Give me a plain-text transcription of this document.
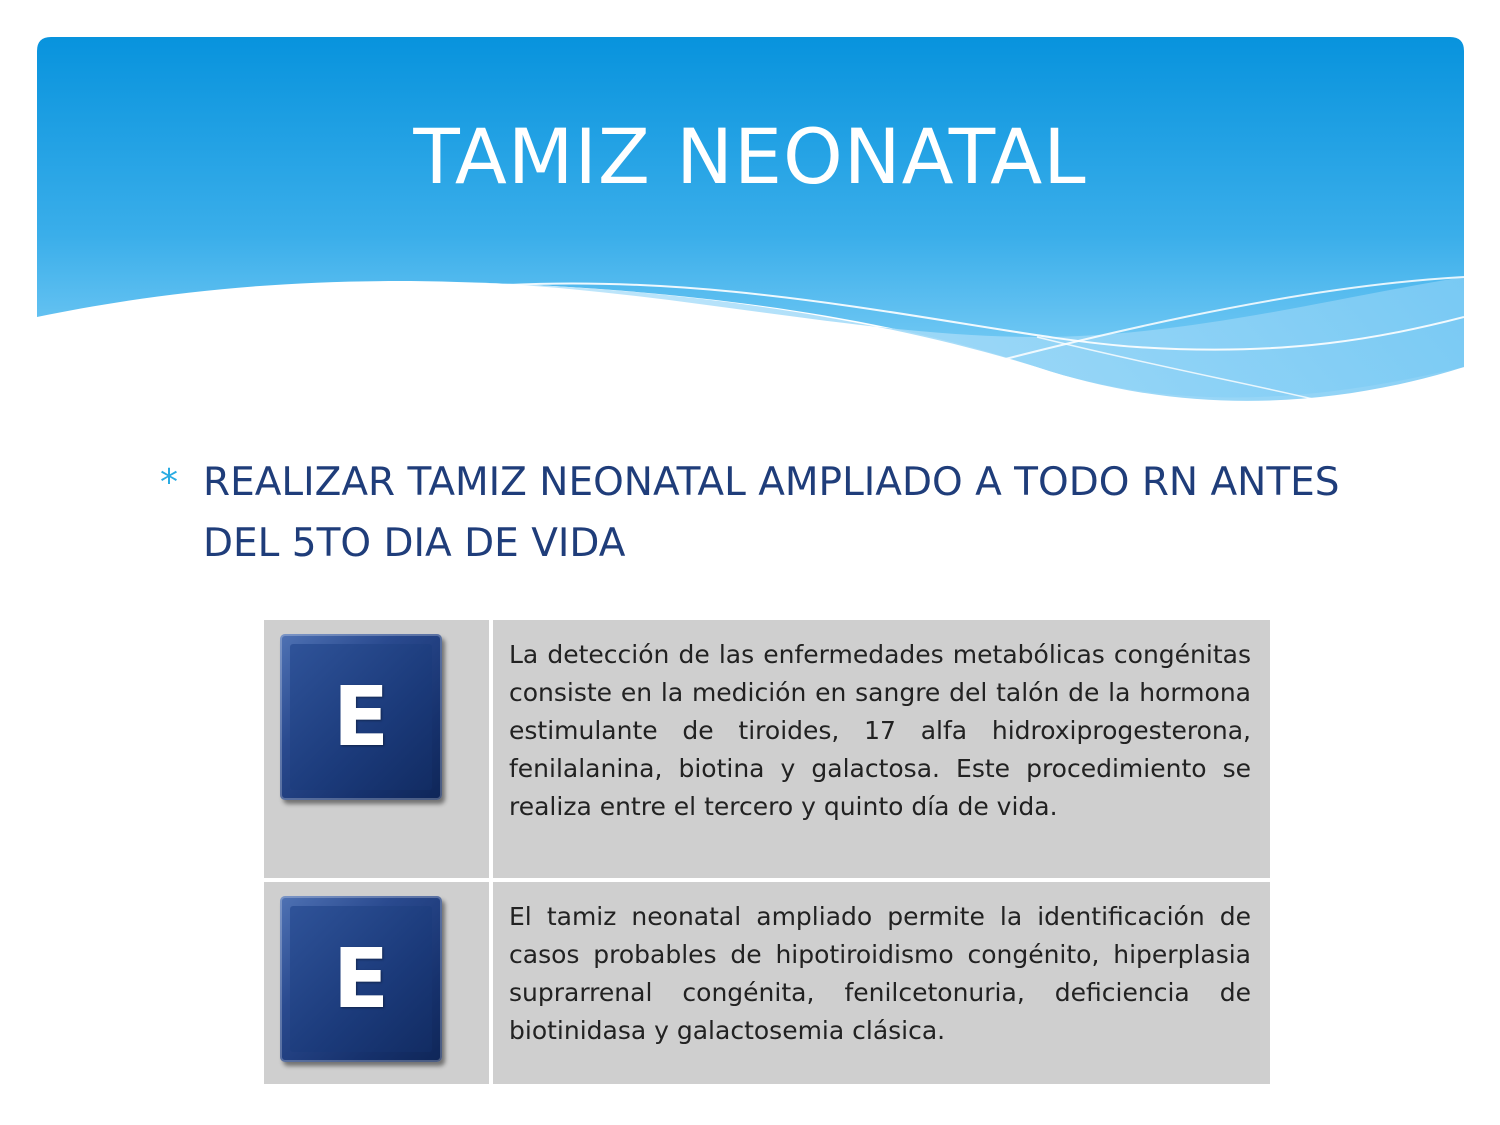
TAMIZ NEONATAL
* REALIZAR TAMIZ NEONATAL AMPLIADO A TODO RN ANTES DEL 5TO DIA DE VIDA
E

La detección de las enfermedades metabólicas congénitas consiste en la medición en sangre del talón de la hormona estimulante de tiroides, 17 alfa hidroxiprogesterona, fenilalanina, biotina y galactosa. Este procedimiento se realiza entre el tercero y quinto día de vida.

E

El tamiz neonatal ampliado permite la identificación de casos probables de hipotiroidismo congénito, hiperplasia suprarrenal congénita, fenilcetonuria, deficiencia de biotinidasa y galactosemia clásica.
